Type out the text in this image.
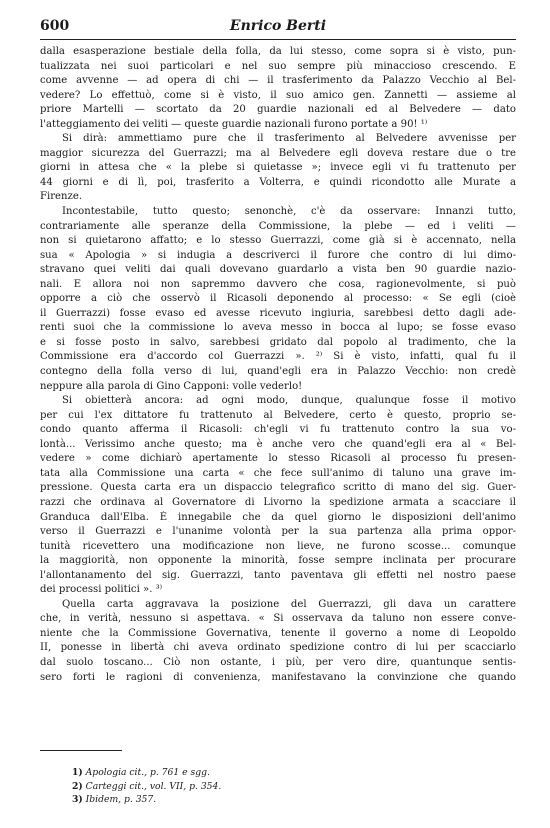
600	Enrico Berti
dalla esasperazione bestiale della folla, da lui stesso, come sopra si è visto, pun-
tualizzata nei suoi particolari e nel suo sempre più minaccioso crescendo. E
come avvenne — ad opera di chi — il trasferimento da Palazzo Vecchio al Bel-
vedere? Lo effettuò, come si è visto, il suo amico gen. Zannetti — assieme al
priore Martelli — scortato da 20 guardie nazionali ed al Belvedere — dato
l'atteggiamento dei veliti — queste guardie nazionali furono portate a 90! ¹⁾
Si dirà: ammettiamo pure che il trasferimento al Belvedere avvenisse per
maggior sicurezza del Guerrazzi; ma al Belvedere egli doveva restare due o tre
giorni in attesa che « la plebe si quietasse »; invece egli vi fu trattenuto per
44 giorni e di lì, poi, trasferito a Volterra, e quindi ricondotto alle Murate a
Firenze.
Incontestabile, tutto questo; senonchè, c'è da osservare: Innanzi tutto,
contrariamente alle speranze della Commissione, la plebe — ed i veliti —
non si quietarono affatto; e lo stesso Guerrazzi, come già si è accennato, nella
sua « Apologia » si indugia a descriverci il furore che contro di lui dimo-
stravano quei veliti dai quali dovevano guardarlo a vista ben 90 guardie nazio-
nali. E allora noi non sapremmo davvero che cosa, ragionevolmente, si può
opporre a ciò che osservò il Ricasoli deponendo al processo: « Se egli (cioè
il Guerrazzi) fosse evaso ed avesse ricevuto ingiuria, sarebbesi detto dagli ade-
renti suoi che la commissione lo aveva messo in bocca al lupo; se fosse evaso
e si fosse posto in salvo, sarebbesi gridato dal popolo al tradimento, che la
Commissione era d'accordo col Guerrazzi ». ²⁾ Si è visto, infatti, qual fu il
contegno della folla verso di lui, quand'egli era in Palazzo Vecchio: non credè
neppure alla parola di Gino Capponi: volle vederlo!
Si obietterà ancora: ad ogni modo, dunque, qualunque fosse il motivo
per cui l'ex dittatore fu trattenuto al Belvedere, certo è questo, proprio se-
condo quanto afferma il Ricasoli: ch'egli vi fu trattenuto contro la sua vo-
lontà... Verissimo anche questo; ma è anche vero che quand'egli era al « Bel-
vedere » come dichiarò apertamente lo stesso Ricasoli al processo fu presen-
tata alla Commissione una carta « che fece sull'animo di taluno una grave im-
pressione. Questa carta era un dispaccio telegrafico scritto di mano del sig. Guer-
razzi che ordinava al Governatore di Livorno la spedizione armata a scacciare il
Granduca dall'Elba. È innegabile che da quel giorno le disposizioni dell'animo
verso il Guerrazzi e l'unanime volontà per la sua partenza alla prima oppor-
tunità ricevettero una modificazione non lieve, ne furono scosse... comunque
la maggiorità, non opponente la minorità, fosse sempre inclinata per procurare
l'allontanamento del sig. Guerrazzi, tanto paventava gli effetti nel nostro paese
dei processi politici ». ³⁾
Quella carta aggravava la posizione del Guerrazzi, gli dava un carattere
che, in verità, nessuno si aspettava. « Si osservava da taluno non essere conve-
niente che la Commissione Governativa, tenente il governo a nome di Leopoldo
II, ponesse in libertà chi aveva ordinato spedizione contro di lui per scacciarlo
dal suolo toscano... Ciò non ostante, i più, per vero dire, quantunque sentis-
sero forti le ragioni di convenienza, manifestavano la convinzione che quando
1) Apologia cit., p. 761 e sgg.
2) Carteggi cit., vol. VII, p. 354.
3) Ibidem, p. 357.
